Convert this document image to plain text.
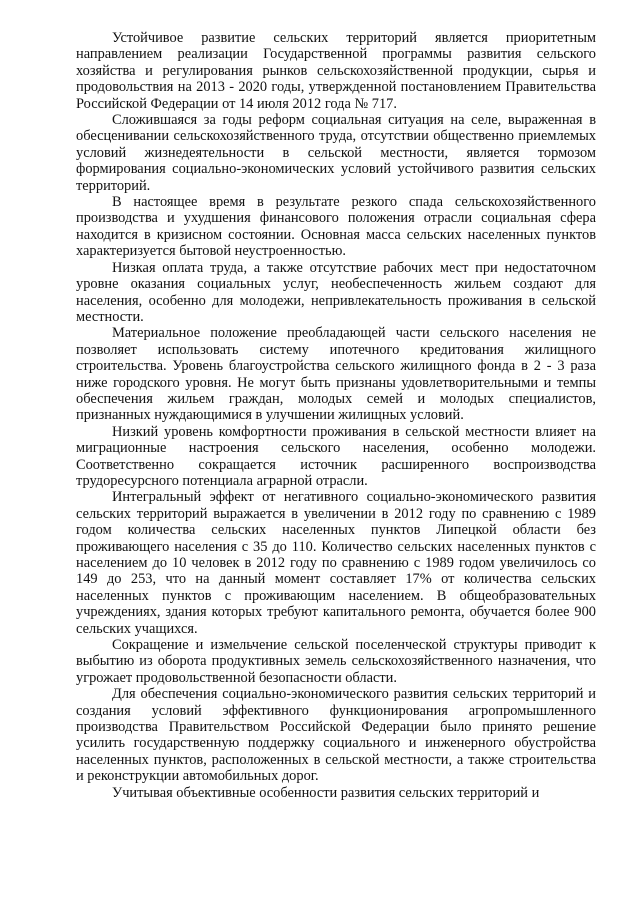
Устойчивое развитие сельских территорий является приоритетным направлением реализации Государственной программы развития сельского хозяйства и регулирования рынков сельскохозяйственной продукции, сырья и продовольствия на 2013 - 2020 годы, утвержденной постановлением Правительства Российской Федерации от 14 июля 2012 года № 717.

Сложившаяся за годы реформ социальная ситуация на селе, выраженная в обесценивании сельскохозяйственного труда, отсутствии общественно приемлемых условий жизнедеятельности в сельской местности, является тормозом формирования социально-экономических условий устойчивого развития сельских территорий.

В настоящее время в результате резкого спада сельскохозяйственного производства и ухудшения финансового положения отрасли социальная сфера находится в кризисном состоянии. Основная масса сельских населенных пунктов характеризуется бытовой неустроенностью.

Низкая оплата труда, а также отсутствие рабочих мест при недостаточном уровне оказания социальных услуг, необеспеченность жильем создают для населения, особенно для молодежи, непривлекательность проживания в сельской местности.

Материальное положение преобладающей части сельского населения не позволяет использовать систему ипотечного кредитования жилищного строительства. Уровень благоустройства сельского жилищного фонда в 2 - 3 раза ниже городского уровня. Не могут быть признаны удовлетворительными и темпы обеспечения жильем граждан, молодых семей и молодых специалистов, признанных нуждающимися в улучшении жилищных условий.

Низкий уровень комфортности проживания в сельской местности влияет на миграционные настроения сельского населения, особенно молодежи. Соответственно сокращается источник расширенного воспроизводства трудоресурсного потенциала аграрной отрасли.

Интегральный эффект от негативного социально-экономического развития сельских территорий выражается в увеличении в 2012 году по сравнению с 1989 годом количества сельских населенных пунктов Липецкой области без проживающего населения с 35 до 110. Количество сельских населенных пунктов с населением до 10 человек в 2012 году по сравнению с 1989 годом увеличилось со 149 до 253, что на данный момент составляет 17% от количества сельских населенных пунктов с проживающим населением. В общеобразовательных учреждениях, здания которых требуют капитального ремонта, обучается более 900 сельских учащихся.

Сокращение и измельчение сельской поселенческой структуры приводит к выбытию из оборота продуктивных земель сельскохозяйственного назначения, что угрожает продовольственной безопасности области.

Для обеспечения социально-экономического развития сельских территорий и создания условий эффективного функционирования агропромышленного производства Правительством Российской Федерации было принято решение усилить государственную поддержку социального и инженерного обустройства населенных пунктов, расположенных в сельской местности, а также строительства и реконструкции автомобильных дорог.

Учитывая объективные особенности развития сельских территорий и
